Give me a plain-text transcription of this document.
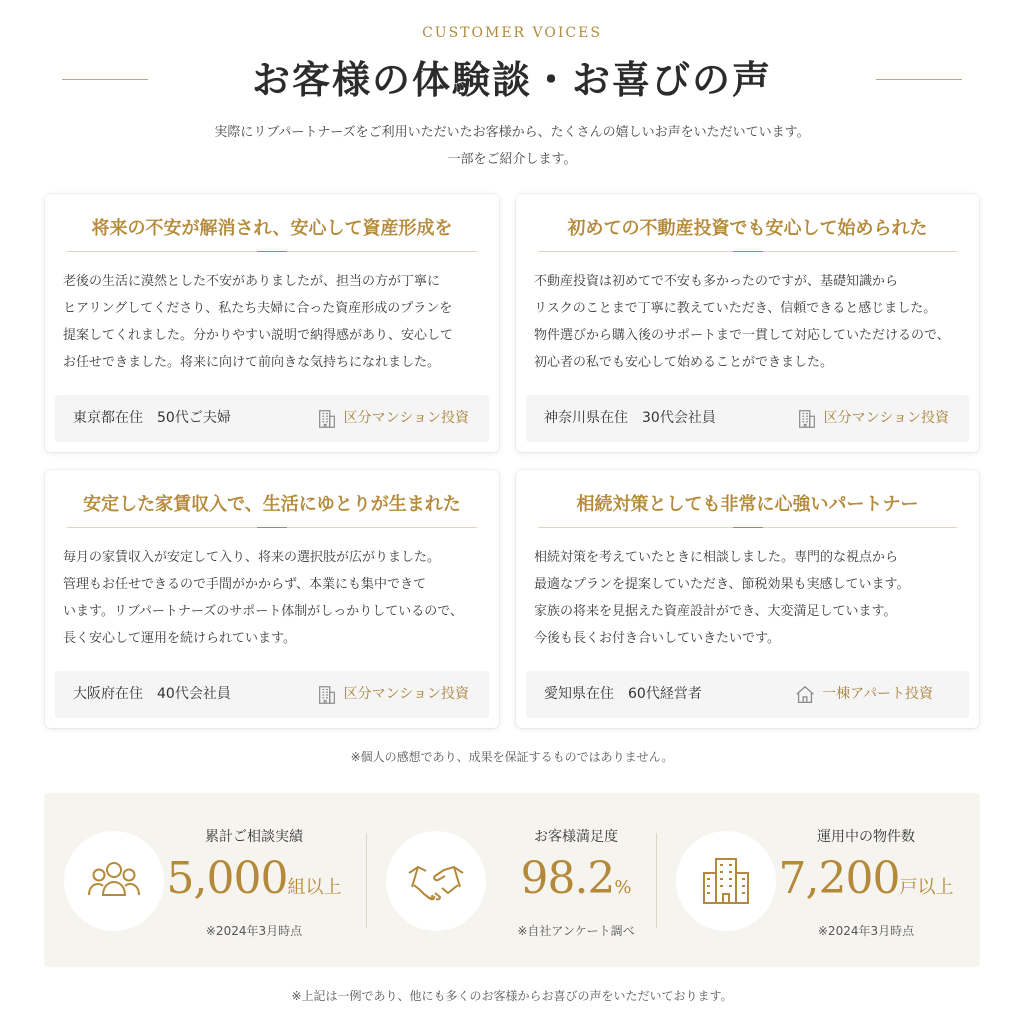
CUSTOMER VOICES
お客様の体験談・お喜びの声
実際にリブパートナーズをご利用いただいたお客様から、たくさんの嬉しいお声をいただいています。
一部をご紹介します。
将来の不安が解消され、安心して資産形成を
老後の生活に漠然とした不安がありましたが、担当の方が丁寧に
ヒアリングしてくださり、私たち夫婦に合った資産形成のプランを
提案してくれました。分かりやすい説明で納得感があり、安心して
お任せできました。将来に向けて前向きな気持ちになれました。
東京都在住　50代ご夫婦	区分マンション投資
初めての不動産投資でも安心して始められた
不動産投資は初めてで不安も多かったのですが、基礎知識から
リスクのことまで丁寧に教えていただき、信頼できると感じました。
物件選びから購入後のサポートまで一貫して対応していただけるので、
初心者の私でも安心して始めることができました。
神奈川県在住　30代会社員	区分マンション投資
安定した家賃収入で、生活にゆとりが生まれた
毎月の家賃収入が安定して入り、将来の選択肢が広がりました。
管理もお任せできるので手間がかからず、本業にも集中できて
います。リブパートナーズのサポート体制がしっかりしているので、
長く安心して運用を続けられています。
大阪府在住　40代会社員	区分マンション投資
相続対策としても非常に心強いパートナー
相続対策を考えていたときに相談しました。専門的な視点から
最適なプランを提案していただき、節税効果も実感しています。
家族の将来を見据えた資産設計ができ、大変満足しています。
今後も長くお付き合いしていきたいです。
愛知県在住　60代経営者	一棟アパート投資
※個人の感想であり、成果を保証するものではありません。
累計ご相談実績
5,000組以上
※2024年3月時点
お客様満足度
98.2%
※自社アンケート調べ
運用中の物件数
7,200戸以上
※2024年3月時点
※上記は一例であり、他にも多くのお客様からお喜びの声をいただいております。
